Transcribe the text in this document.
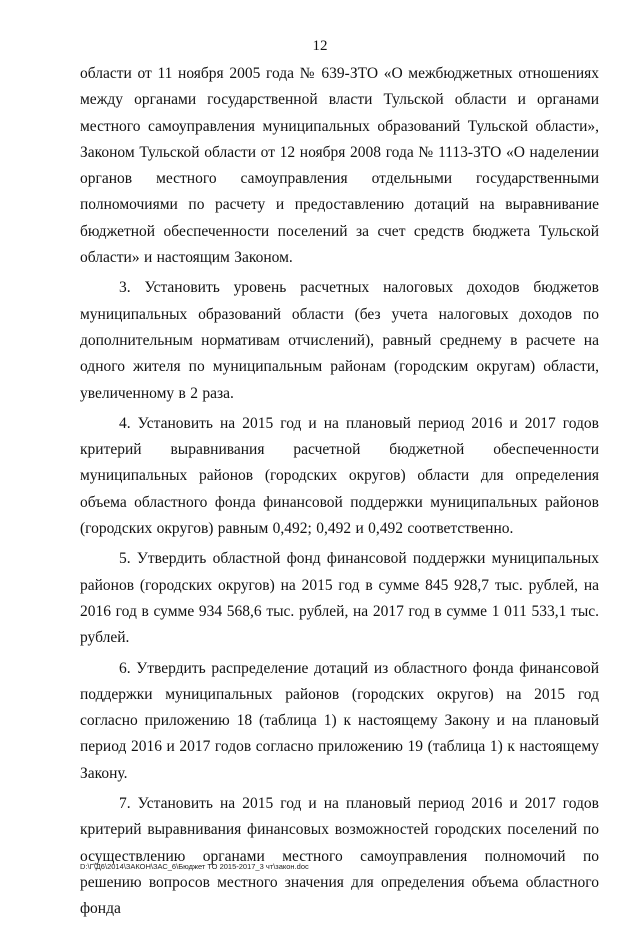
12

области от 11 ноября 2005 года № 639-ЗТО «О межбюджетных отношениях между органами государственной власти Тульской области и органами местного самоуправления муниципальных образований Тульской области», Законом Тульской области от 12 ноября 2008 года № 1113-ЗТО «О наделении органов местного самоуправления отдельными государственными полномочиями по расчету и предоставлению дотаций на выравнивание бюджетной обеспеченности поселений за счет средств бюджета Тульской области» и настоящим Законом.

3. Установить уровень расчетных налоговых доходов бюджетов муниципальных образований области (без учета налоговых доходов по дополнительным нормативам отчислений), равный среднему в расчете на одного жителя по муниципальным районам (городским округам) области, увеличенному в 2 раза.

4. Установить на 2015 год и на плановый период 2016 и 2017 годов критерий выравнивания расчетной бюджетной обеспеченности муниципальных районов (городских округов) области для определения объема областного фонда финансовой поддержки муниципальных районов (городских округов) равным 0,492; 0,492 и 0,492 соответственно.

5. Утвердить областной фонд финансовой поддержки муниципальных районов (городских округов) на 2015 год в сумме 845 928,7 тыс. рублей, на 2016 год в сумме 934 568,6 тыс. рублей, на 2017 год в сумме 1 011 533,1 тыс. рублей.

6. Утвердить распределение дотаций из областного фонда финансовой поддержки муниципальных районов (городских округов) на 2015 год согласно приложению 18 (таблица 1) к настоящему Закону и на плановый период 2016 и 2017 годов согласно приложению 19 (таблица 1) к настоящему Закону.

7. Установить на 2015 год и на плановый период 2016 и 2017 годов критерий выравнивания финансовых возможностей городских поселений по осуществлению органами местного самоуправления полномочий по решению вопросов местного значения для определения объема областного фонда

D:\Г\Д6\2014\ЗАКОН\ЗАС_6\Бюджет ТО 2015-2017_3 чт\закон.doc
